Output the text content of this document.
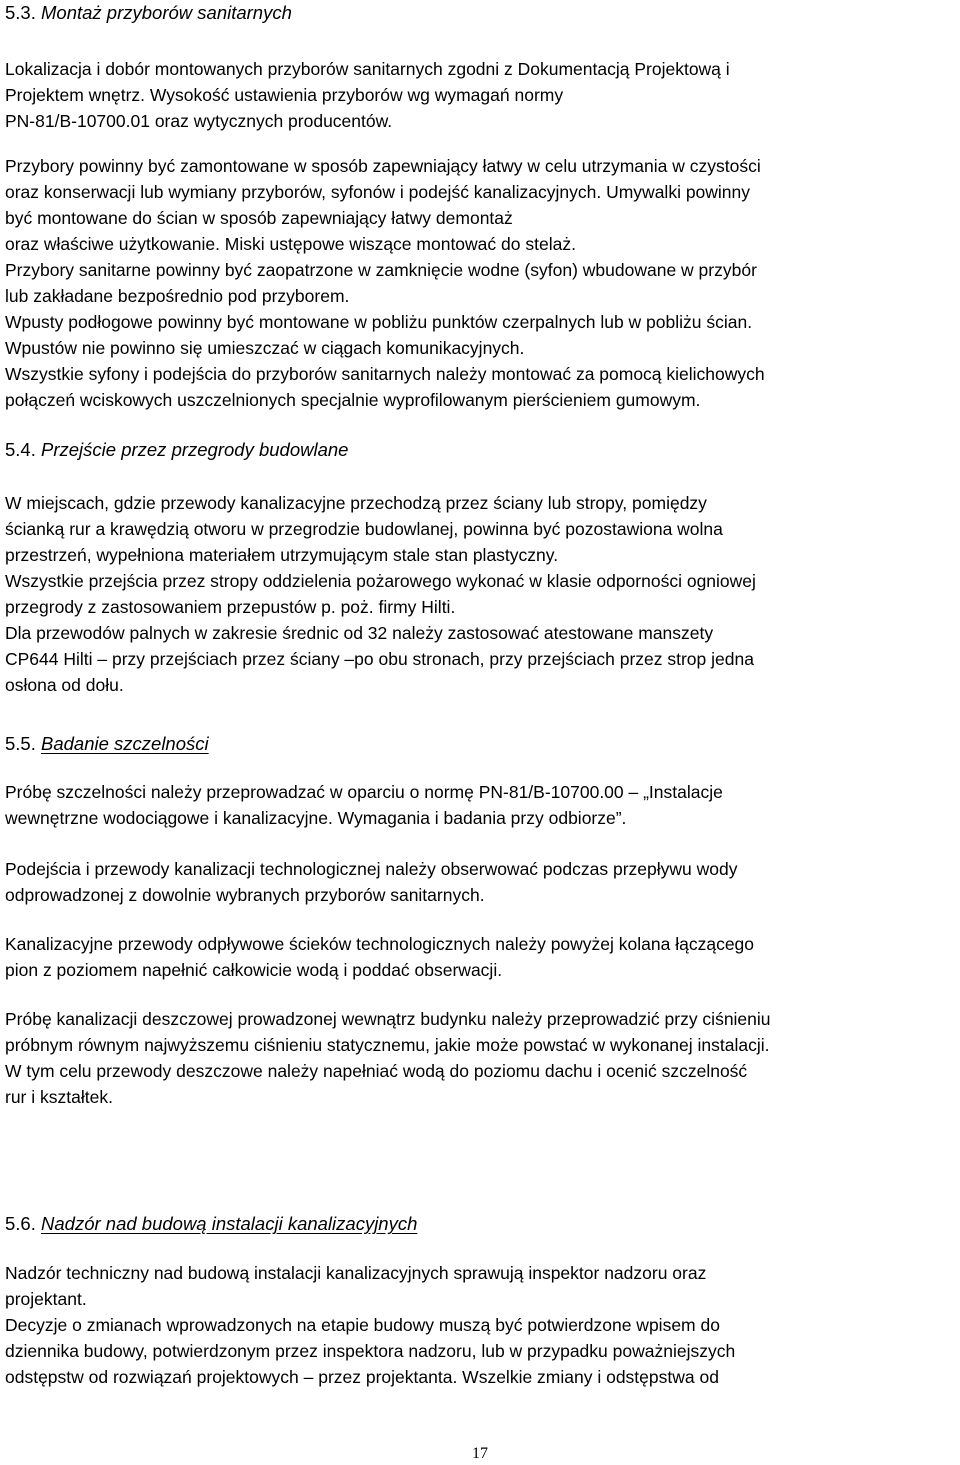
5.3. Montaż przyborów sanitarnych
Lokalizacja i dobór montowanych przyborów sanitarnych zgodni z Dokumentacją Projektową i
Projektem wnętrz. Wysokość ustawienia przyborów wg wymagań normy
PN-81/B-10700.01 oraz wytycznych producentów.
Przybory powinny być zamontowane w sposób zapewniający łatwy w celu utrzymania w czystości
oraz konserwacji lub wymiany przyborów, syfonów i podejść kanalizacyjnych. Umywalki powinny
być montowane do ścian w sposób zapewniający łatwy demontaż
oraz właściwe użytkowanie. Miski ustępowe wiszące montować do stelaż.
Przybory sanitarne powinny być zaopatrzone w zamknięcie wodne (syfon) wbudowane w przybór
lub zakładane bezpośrednio pod przyborem.
Wpusty podłogowe powinny być montowane w pobliżu punktów czerpalnych lub w pobliżu ścian.
Wpustów nie powinno się umieszczać w ciągach komunikacyjnych.
Wszystkie syfony i podejścia do przyborów sanitarnych należy montować za pomocą kielichowych
połączeń wciskowych uszczelnionych specjalnie wyprofilowanym pierścieniem gumowym.
5.4. Przejście przez przegrody budowlane
W miejscach, gdzie przewody kanalizacyjne przechodzą przez ściany lub stropy, pomiędzy
ścianką rur a krawędzią otworu w przegrodzie budowlanej, powinna być pozostawiona wolna
przestrzeń, wypełniona materiałem utrzymującym stale stan plastyczny.
Wszystkie przejścia przez stropy oddzielenia pożarowego wykonać w klasie odporności ogniowej
przegrody z zastosowaniem przepustów p. poż. firmy Hilti.
Dla przewodów palnych w zakresie średnic od 32 należy zastosować atestowane manszety
CP644 Hilti – przy przejściach przez ściany –po obu stronach, przy przejściach przez strop jedna
osłona od dołu.
5.5. Badanie szczelności
Próbę szczelności należy przeprowadzać w oparciu o normę PN-81/B-10700.00 – „Instalacje
wewnętrzne wodociągowe i kanalizacyjne. Wymagania i badania przy odbiorze”.
Podejścia i przewody kanalizacji technologicznej należy obserwować podczas przepływu wody
odprowadzonej z dowolnie wybranych przyborów sanitarnych.
Kanalizacyjne przewody odpływowe ścieków technologicznych należy powyżej kolana łączącego
pion z poziomem napełnić całkowicie wodą i poddać obserwacji.
Próbę kanalizacji deszczowej prowadzonej wewnątrz budynku należy przeprowadzić przy ciśnieniu
próbnym równym najwyższemu ciśnieniu statycznemu, jakie może powstać w wykonanej instalacji.
W tym celu przewody deszczowe należy napełniać wodą do poziomu dachu i ocenić szczelność
rur i kształtek.
5.6. Nadzór nad budową instalacji kanalizacyjnych
Nadzór techniczny nad budową instalacji kanalizacyjnych sprawują inspektor nadzoru oraz
projektant.
Decyzje o zmianach wprowadzonych na etapie budowy muszą być potwierdzone wpisem do
dziennika budowy, potwierdzonym przez inspektora nadzoru, lub w przypadku poważniejszych
odstępstw od rozwiązań projektowych – przez projektanta. Wszelkie zmiany i odstępstwa od
17
